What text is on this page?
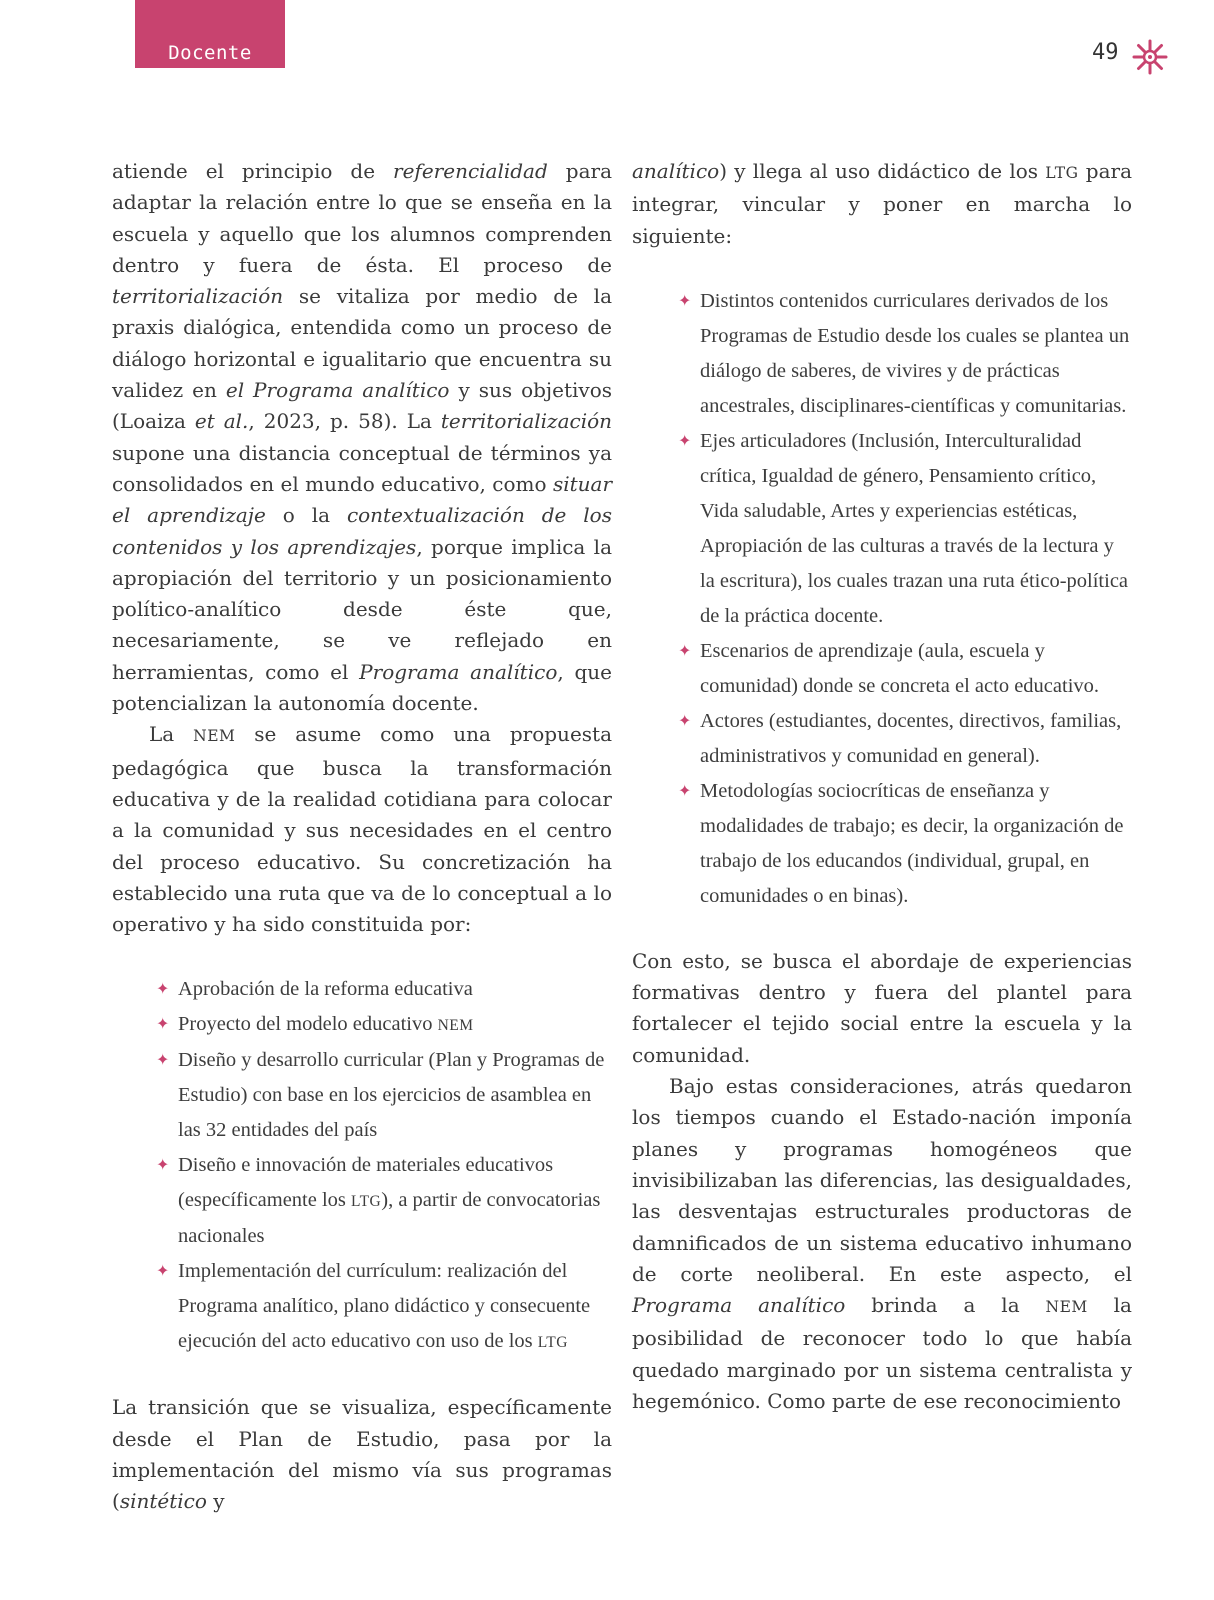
Docente	49

atiende el principio de referencialidad para adaptar la relación entre lo que se enseña en la escuela y aquello que los alumnos comprenden dentro y fuera de ésta. El proceso de territorialización se vitaliza por medio de la praxis dialógica, entendida como un proceso de diálogo horizontal e igualitario que encuentra su validez en el Programa analítico y sus objetivos (Loaiza et al., 2023, p. 58). La territorialización supone una distancia conceptual de términos ya consolidados en el mundo educativo, como situar el aprendizaje o la contextualización de los contenidos y los aprendizajes, porque implica la apropiación del territorio y un posicionamiento político-analítico desde éste que, necesariamente, se ve reflejado en herramientas, como el Programa analítico, que potencializan la autonomía docente.

La NEM se asume como una propuesta pedagógica que busca la transformación educativa y de la realidad cotidiana para colocar a la comunidad y sus necesidades en el centro del proceso educativo. Su concretización ha establecido una ruta que va de lo conceptual a lo operativo y ha sido constituida por:

✦ Aprobación de la reforma educativa
✦ Proyecto del modelo educativo NEM
✦ Diseño y desarrollo curricular (Plan y Programas de Estudio) con base en los ejercicios de asamblea en las 32 entidades del país
✦ Diseño e innovación de materiales educativos (específicamente los LTG), a partir de convocatorias nacionales
✦ Implementación del currículum: realización del Programa analítico, plano didáctico y consecuente ejecución del acto educativo con uso de los LTG

La transición que se visualiza, específicamente desde el Plan de Estudio, pasa por la implementación del mismo vía sus programas (sintético y

analítico) y llega al uso didáctico de los LTG para integrar, vincular y poner en marcha lo siguiente:

✦ Distintos contenidos curriculares derivados de los Programas de Estudio desde los cuales se plantea un diálogo de saberes, de vivires y de prácticas ancestrales, disciplinares-científicas y comunitarias.
✦ Ejes articuladores (Inclusión, Interculturalidad crítica, Igualdad de género, Pensamiento crítico, Vida saludable, Artes y experiencias estéticas, Apropiación de las culturas a través de la lectura y la escritura), los cuales trazan una ruta ético-política de la práctica docente.
✦ Escenarios de aprendizaje (aula, escuela y comunidad) donde se concreta el acto educativo.
✦ Actores (estudiantes, docentes, directivos, familias, administrativos y comunidad en general).
✦ Metodologías sociocríticas de enseñanza y modalidades de trabajo; es decir, la organización de trabajo de los educandos (individual, grupal, en comunidades o en binas).

Con esto, se busca el abordaje de experiencias formativas dentro y fuera del plantel para fortalecer el tejido social entre la escuela y la comunidad.

Bajo estas consideraciones, atrás quedaron los tiempos cuando el Estado-nación imponía planes y programas homogéneos que invisibilizaban las diferencias, las desigualdades, las desventajas estructurales productoras de damnificados de un sistema educativo inhumano de corte neoliberal. En este aspecto, el Programa analítico brinda a la NEM la posibilidad de reconocer todo lo que había quedado marginado por un sistema centralista y hegemónico. Como parte de ese reconocimiento
